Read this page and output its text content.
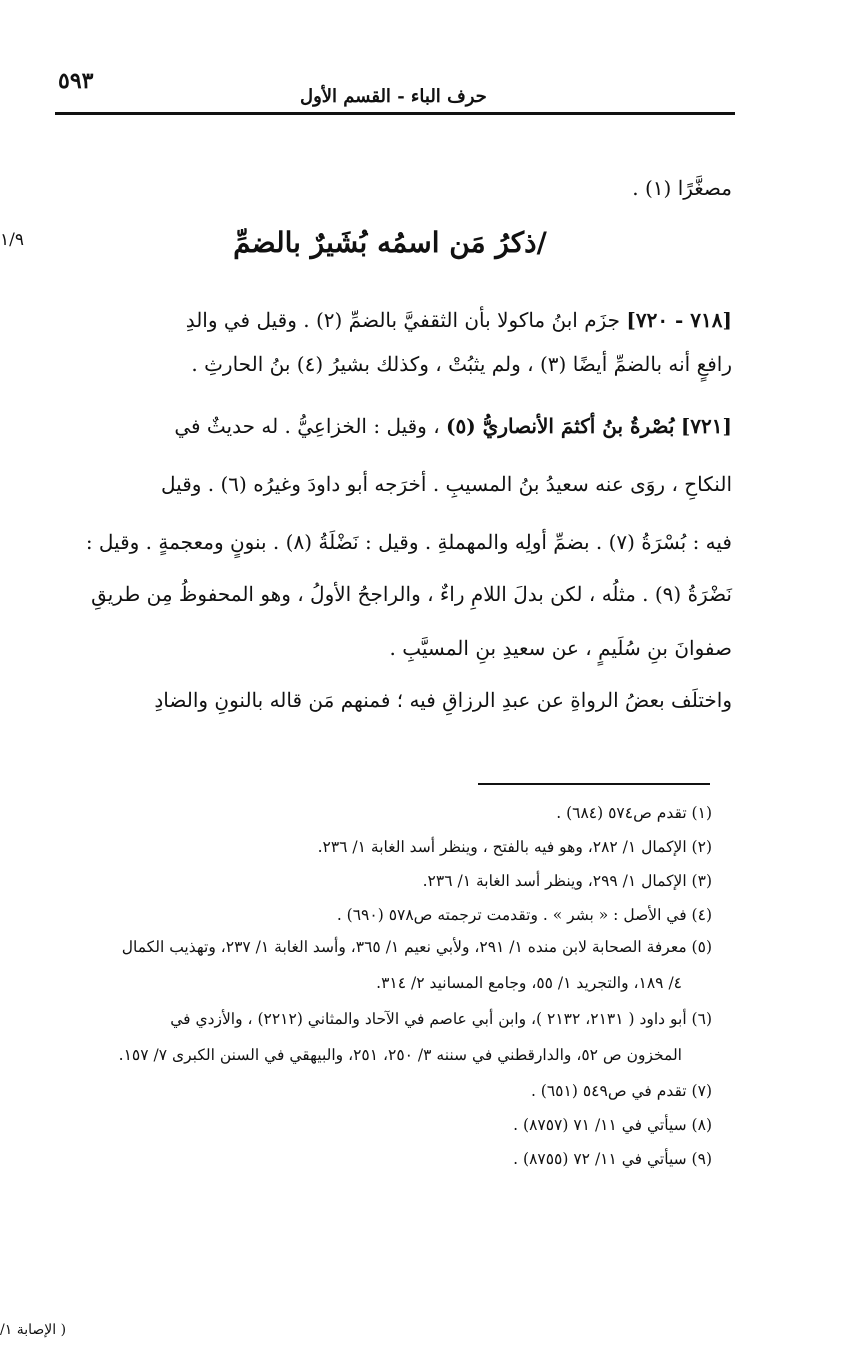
٥٩٣
حرف الباء - القسم الأول
١/٩
مصغَّرًا (١) .
/ذكرُ مَن اسمُه بُشَيرٌ بالضمِّ
[٧١٨ - ٧٢٠] جزَم ابنُ ماكولا بأن الثقفيَّ بالضمِّ (٢) . وقيل في والدِ
رافعٍ أنه بالضمِّ أيضًا (٣) ، ولم يثبُتْ ، وكذلك بشيرُ (٤) بنُ الحارثِ .
[٧٢١] بُصْرةُ بنُ أكثمَ الأنصاريُّ (٥) ، وقيل : الخزاعِيُّ . له حديثٌ في
النكاحِ ، روَى عنه سعيدُ بنُ المسيبِ . أخرَجه أبو داودَ وغيرُه (٦) . وقيل
فيه : بُسْرَةُ (٧) . بضمِّ أولِه والمهملةِ . وقيل : نَضْلَةُ (٨) . بنونٍ ومعجمةٍ . وقيل :
نَضْرَةُ (٩) . مثلُه ، لكن بدلَ اللامِ راءٌ ، والراجحُ الأولُ ، وهو المحفوظُ مِن طريقِ
صفوانَ بنِ سُلَيمٍ ، عن سعيدِ بنِ المسيَّبِ .
واختلَف بعضُ الرواةِ عن عبدِ الرزاقِ فيه ؛ فمنهم مَن قاله بالنونِ والضادِ
(١) تقدم ص٥٧٤ (٦٨٤) .
(٢) الإكمال ١/ ٢٨٢، وهو فيه بالفتح ، وينظر أسد الغابة ١/ ٢٣٦.
(٣) الإكمال ١/ ٢٩٩، وينظر أسد الغابة ١/ ٢٣٦.
(٤) في الأصل : « بشر » . وتقدمت ترجمته ص٥٧٨ (٦٩٠) .
(٥) معرفة الصحابة لابن منده ١/ ٢٩١، ولأبي نعيم ١/ ٣٦٥، وأسد الغابة ١/ ٢٣٧، وتهذيب الكمال
٤/ ١٨٩، والتجريد ١/ ٥٥، وجامع المسانيد ٢/ ٣١٤.
(٦) أبو داود ( ٢١٣١، ٢١٣٢ )، وابن أبي عاصم في الآحاد والمثاني (٢٢١٢) ، والأزدي في
المخزون ص ٥٢، والدارقطني في سننه ٣/ ٢٥٠، ٢٥١، والبيهقي في السنن الكبرى ٧/ ١٥٧.
(٧) تقدم في ص٥٤٩ (٦٥١) .
(٨) سيأتي في ١١/ ٧١ (٨٧٥٧) .
(٩) سيأتي في ١١/ ٧٢ (٨٧٥٥) .
( الإصابة ١/
